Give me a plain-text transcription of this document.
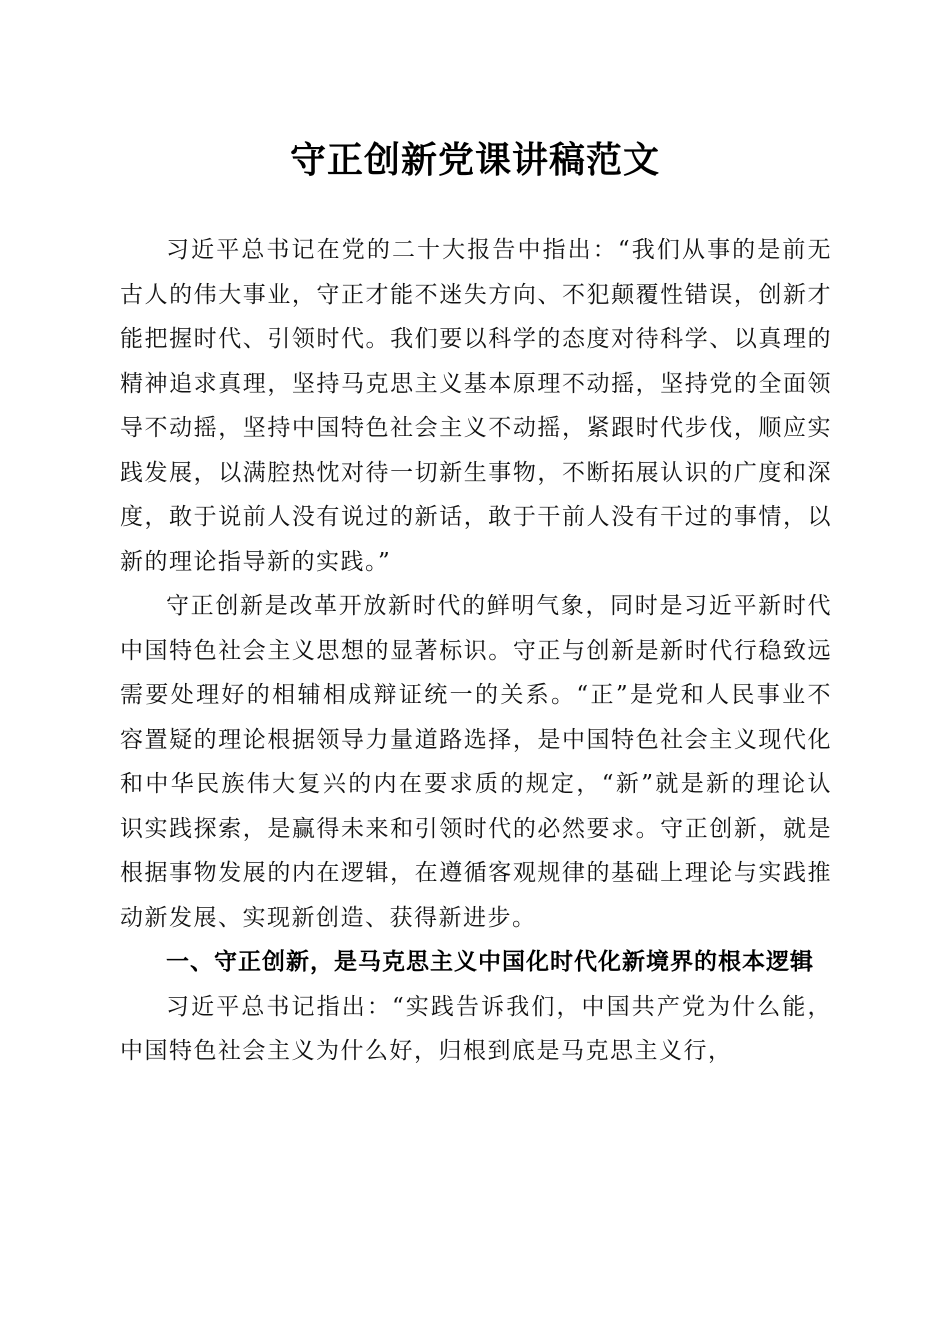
守正创新党课讲稿范文

习近平总书记在党的二十大报告中指出：“我们从事的是前无古人的伟大事业，守正才能不迷失方向、不犯颠覆性错误，创新才能把握时代、引领时代。我们要以科学的态度对待科学、以真理的精神追求真理，坚持马克思主义基本原理不动摇，坚持党的全面领导不动摇，坚持中国特色社会主义不动摇，紧跟时代步伐，顺应实践发展，以满腔热忱对待一切新生事物，不断拓展认识的广度和深度，敢于说前人没有说过的新话，敢于干前人没有干过的事情，以新的理论指导新的实践。”

守正创新是改革开放新时代的鲜明气象，同时是习近平新时代中国特色社会主义思想的显著标识。守正与创新是新时代行稳致远需要处理好的相辅相成辩证统一的关系。“正”是党和人民事业不容置疑的理论根据领导力量道路选择，是中国特色社会主义现代化和中华民族伟大复兴的内在要求质的规定，“新”就是新的理论认识实践探索，是赢得未来和引领时代的必然要求。守正创新，就是根据事物发展的内在逻辑，在遵循客观规律的基础上理论与实践推动新发展、实现新创造、获得新进步。

一、守正创新，是马克思主义中国化时代化新境界的根本逻辑

习近平总书记指出：“实践告诉我们，中国共产党为什么能，中国特色社会主义为什么好，归根到底是马克思主义行，
